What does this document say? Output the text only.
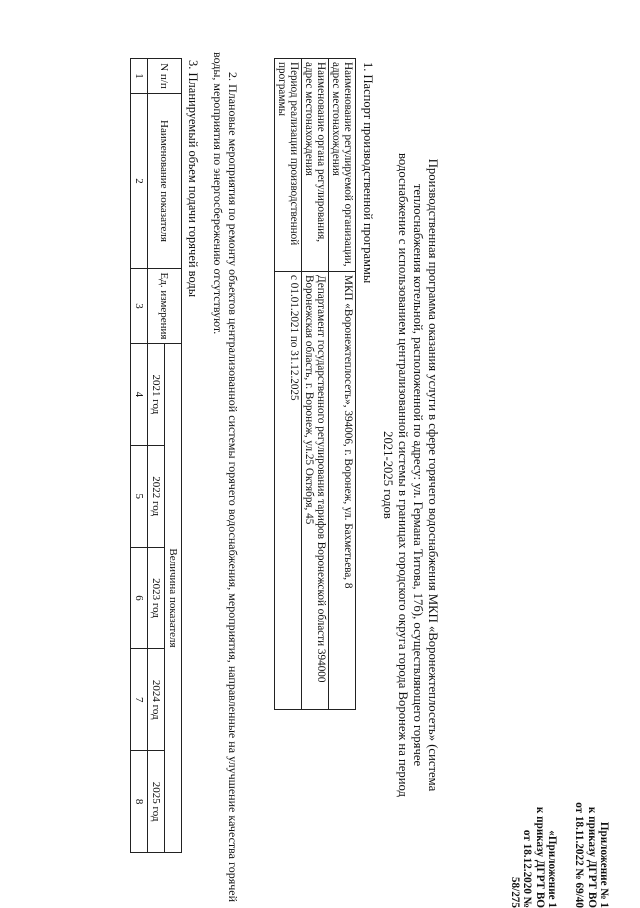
Приложение № 1
к приказу ДГРТ ВО
от 18.11.2022 № 69/40
«Приложение 1
к приказу ДГРТ ВО
от 18.12.2020 № 58/275
Производственная программа оказания услуги в сфере горячего водоснабжения МКП «Воронежтеплосеть» (система теплоснабжения котельной, расположенной по адресу: ул. Германа Титова, 17б), осуществляющего горячее водоснабжение с использованием централизованной системы в границах городского округа города Воронеж на период 2021-2025 годов
1. Паспорт производственной программы
Наименование регулируемой организации, адрес местонахождения	МКП «Воронежтеплосеть», 394006, г. Воронеж, ул. Бахметьева, 8
Наименование органа регулирования, адрес местонахождения	Департамент государственного регулирования тарифов Воронежской области 394000 Воронежская область, г. Воронеж, ул.25 Октября, 45
Период реализации производственной программы	с 01.01.2021 по 31.12.2025
2. Плановые мероприятия по ремонту объектов централизованной системы горячего водоснабжения, мероприятия, направленные на улучшение качества горячей воды, мероприятия по энергосбережению отсутствуют.
3. Планируемый объем подачи горячей воды
N п/п	Наименование показателя	Ед. измерения	Величина показателя				
			2021 год	2022 год	2023 год	2024 год	2025 год
1	2	3	4	5	6	7	8
